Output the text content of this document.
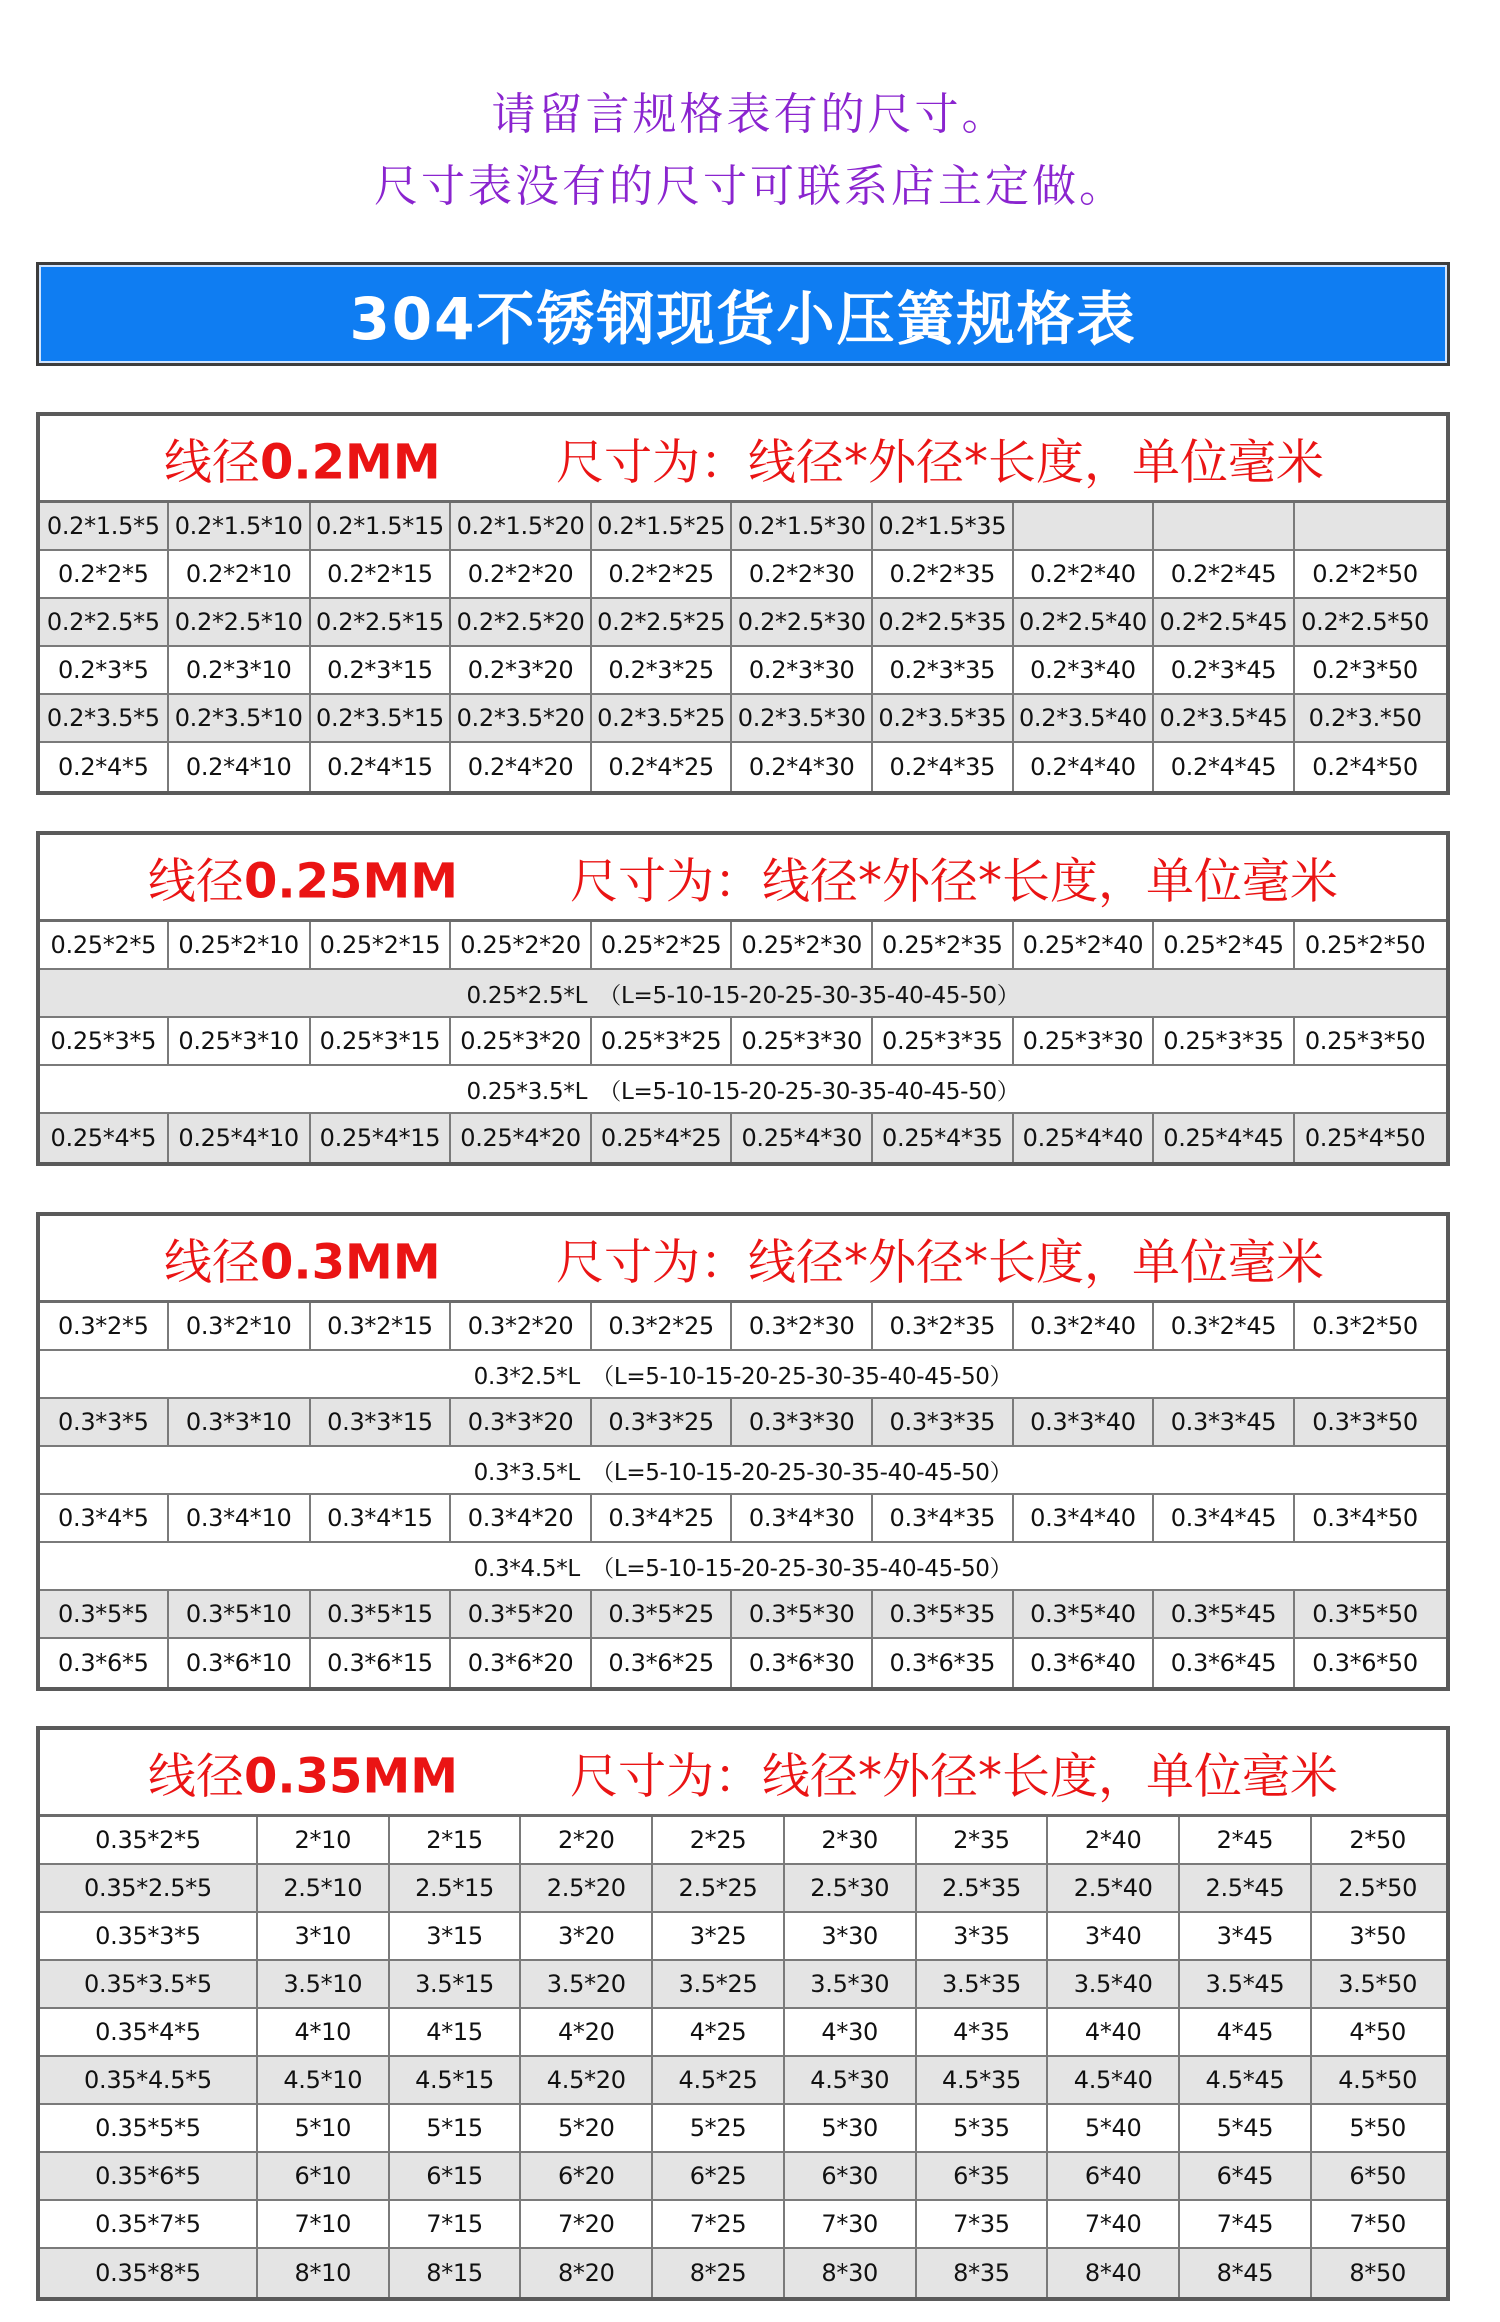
请留言规格表有的尺寸。
尺寸表没有的尺寸可联系店主定做。
304不锈钢现货小压簧规格表
线径0.2MM 尺寸为：线径*外径*长度，单位毫米
0.2*1.5*5 0.2*1.5*10 0.2*1.5*15 0.2*1.5*20 0.2*1.5*25 0.2*1.5*30 0.2*1.5*35
0.2*2*5	0.2*2*10	0.2*2*15	0.2*2*20	0.2*2*25	0.2*2*30	0.2*2*35	0.2*2*40	0.2*2*45	0.2*2*50
0.2*2.5*5 0.2*2.5*10 0.2*2.5*15 0.2*2.5*20 0.2*2.5*25 0.2*2.5*30 0.2*2.5*35 0.2*2.5*40 0.2*2.5*45 0.2*2.5*50
0.2*3*5	0.2*3*10	0.2*3*15	0.2*3*20	0.2*3*25	0.2*3*30	0.2*3*35	0.2*3*40	0.2*3*45	0.2*3*50
0.2*3.5*5 0.2*3.5*10 0.2*3.5*15 0.2*3.5*20 0.2*3.5*25 0.2*3.5*30 0.2*3.5*35 0.2*3.5*40 0.2*3.5*45 0.2*3.*50
0.2*4*5	0.2*4*10	0.2*4*15	0.2*4*20	0.2*4*25	0.2*4*30	0.2*4*35	0.2*4*40	0.2*4*45	0.2*4*50
线径0.25MM 尺寸为：线径*外径*长度，单位毫米
0.25*2*5 0.25*2*10 0.25*2*15 0.25*2*20 0.25*2*25 0.25*2*30 0.25*2*35 0.25*2*40 0.25*2*45 0.25*2*50
0.25*2.5*L　（L=5-10-15-20-25-30-35-40-45-50）
0.25*3*5 0.25*3*10 0.25*3*15 0.25*3*20 0.25*3*25 0.25*3*30 0.25*3*35 0.25*3*30 0.25*3*35 0.25*3*50
0.25*3.5*L　（L=5-10-15-20-25-30-35-40-45-50）
0.25*4*5 0.25*4*10 0.25*4*15 0.25*4*20 0.25*4*25 0.25*4*30 0.25*4*35 0.25*4*40 0.25*4*45 0.25*4*50
线径0.3MM 尺寸为：线径*外径*长度，单位毫米
0.3*2*5	0.3*2*10	0.3*2*15	0.3*2*20	0.3*2*25	0.3*2*30	0.3*2*35	0.3*2*40	0.3*2*45	0.3*2*50
0.3*2.5*L　（L=5-10-15-20-25-30-35-40-45-50）
0.3*3*5	0.3*3*10	0.3*3*15	0.3*3*20	0.3*3*25	0.3*3*30	0.3*3*35	0.3*3*40	0.3*3*45	0.3*3*50
0.3*3.5*L　（L=5-10-15-20-25-30-35-40-45-50）
0.3*4*5	0.3*4*10	0.3*4*15	0.3*4*20	0.3*4*25	0.3*4*30	0.3*4*35	0.3*4*40	0.3*4*45	0.3*4*50
0.3*4.5*L　（L=5-10-15-20-25-30-35-40-45-50）
0.3*5*5	0.3*5*10	0.3*5*15	0.3*5*20	0.3*5*25	0.3*5*30	0.3*5*35	0.3*5*40	0.3*5*45	0.3*5*50
0.3*6*5	0.3*6*10	0.3*6*15	0.3*6*20	0.3*6*25	0.3*6*30	0.3*6*35	0.3*6*40	0.3*6*45	0.3*6*50
线径0.35MM 尺寸为：线径*外径*长度，单位毫米
0.35*2*5	2*10	2*15	2*20	2*25	2*30	2*35	2*40	2*45	2*50
0.35*2.5*5	2.5*10	2.5*15	2.5*20	2.5*25	2.5*30	2.5*35	2.5*40	2.5*45	2.5*50
0.35*3*5	3*10	3*15	3*20	3*25	3*30	3*35	3*40	3*45	3*50
0.35*3.5*5	3.5*10	3.5*15	3.5*20	3.5*25	3.5*30	3.5*35	3.5*40	3.5*45	3.5*50
0.35*4*5	4*10	4*15	4*20	4*25	4*30	4*35	4*40	4*45	4*50
0.35*4.5*5	4.5*10	4.5*15	4.5*20	4.5*25	4.5*30	4.5*35	4.5*40	4.5*45	4.5*50
0.35*5*5	5*10	5*15	5*20	5*25	5*30	5*35	5*40	5*45	5*50
0.35*6*5	6*10	6*15	6*20	6*25	6*30	6*35	6*40	6*45	6*50
0.35*7*5	7*10	7*15	7*20	7*25	7*30	7*35	7*40	7*45	7*50
0.35*8*5	8*10	8*15	8*20	8*25	8*30	8*35	8*40	8*45	8*50
